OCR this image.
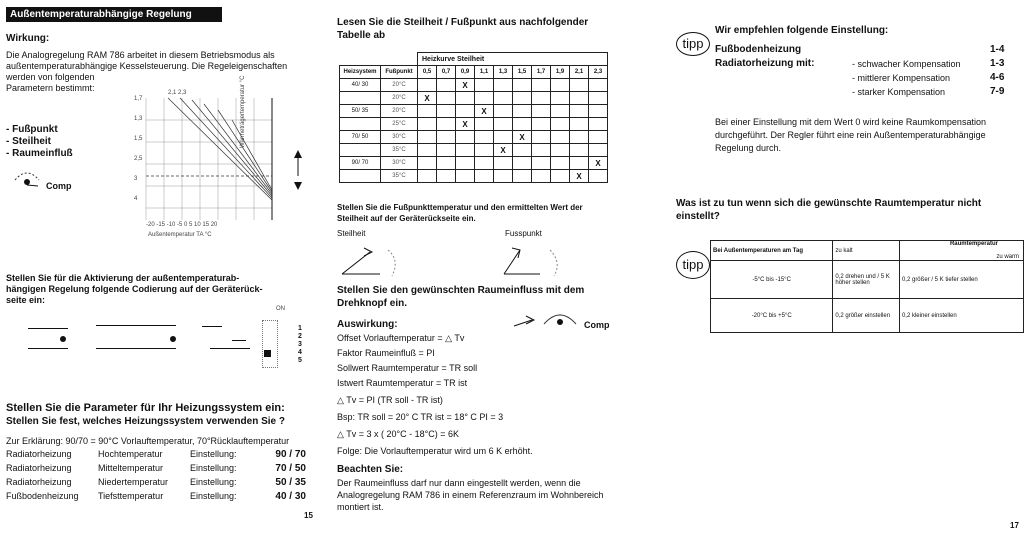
Außentemperaturabhängige Regelung
Wirkung:
Die Analogregelung RAM 786 arbeitet in diesem Betriebsmodus als
außentemperaturabhängige Kesselsteuerung. Die Regeleigenschaften
werden von folgenden
Parametern bestimmt:
- Fußpunkt
- Steilheit
- Raumeinfluß
Comp
2,1 2,3
1,7
1,3
1,5
2,5
3
4
-20 -15 -10 -5 0 5 10 15 20
Außentemperatur TA °C
Wärmeträgertemperatur °C
Stellen Sie für die Aktivierung der außentemperaturab-
hängigen Regelung folgende Codierung auf der Geräterück-
seite ein:
ON
1
2
3
4
5
Stellen Sie die Parameter für Ihr Heizungssystem ein:
Stellen Sie fest, welches Heizungssystem verwenden Sie ?
Zur Erklärung: 90/70 = 90°C Vorlauftemperatur, 70°Rücklauftemperatur
Radiatorheizung	Hochtemperatur	Einstellung:	90 / 70
Radiatorheizung	Mitteltemperatur	Einstellung:	70 / 50
Radiatorheizung	Niedertemperatur Einstellung:	50 / 35
Fußbodenheizung Tiefsttemperatur	Einstellung:	40 / 30
15
Lesen Sie die Steilheit / Fußpunkt aus nachfolgender
Tabelle ab
		Heizkurve Steilheit									
Heizsystem	Fußpunkt	0,5	0,7	0,9	1,1	1,3	1,5	1,7	1,9	2,1	2,3
40/ 30	20°C			X							
	20°C	X									
50/ 35	20°C				X						
	25°C			X							
70/ 50	30°C						X				
	35°C					X					
90/ 70	30°C										X
	35°C									X	
Stellen Sie die Fußpunkttemperatur und den ermittelten Wert der
Steilheit auf der Geräterückseite ein.
Steilheit	Fusspunkt
Stellen Sie den gewünschten Raumeinfluss mit dem
Drehknopf ein.
Comp
Auswirkung:
Offset Vorlauftemperatur = △ Tv
Faktor Raumeinfluß = PI
Sollwert Raumtemperatur = TR soll
Istwert Raumtemperatur = TR ist
△ Tv = PI (TR soll - TR ist)
Bsp: TR soll = 20° C TR ist = 18° C PI = 3
△ Tv = 3 x ( 20°C - 18°C) = 6K
Folge: Die Vorlauftemperatur wird um 6 K erhöht.
Beachten Sie:
Der Raumeinfluss darf nur dann eingestellt werden, wenn die
Analogregelung RAM 786 in einem Referenzraum im Wohnbereich
montiert ist.
tipp
Wir empfehlen folgende Einstellung:
Fußbodenheizung	1-4
Radiatorheizung mit:	- schwacher Kompensation	1-3
- mittlerer Kompensation	4-6
- starker Kompensation	7-9
Bei einer Einstellung mit dem Wert 0 wird keine Raumkompensation
durchgeführt. Der Regler führt eine rein Außentemperaturabhängige
Regelung durch.
Was ist zu tun wenn sich die gewünschte Raumtemperatur nicht
einstellt?
tipp
Bei Außentemperaturen am Tag	zu kalt	Raumtemperatur
zu warm

-5°C bis -15°C	0,2 drehen und / 5 K höher stellen	0,2 größer / 5 K tiefer stellen
-20°C bis +5°C	0,2 größer einstellen	0,2 kleiner einstellen
17
